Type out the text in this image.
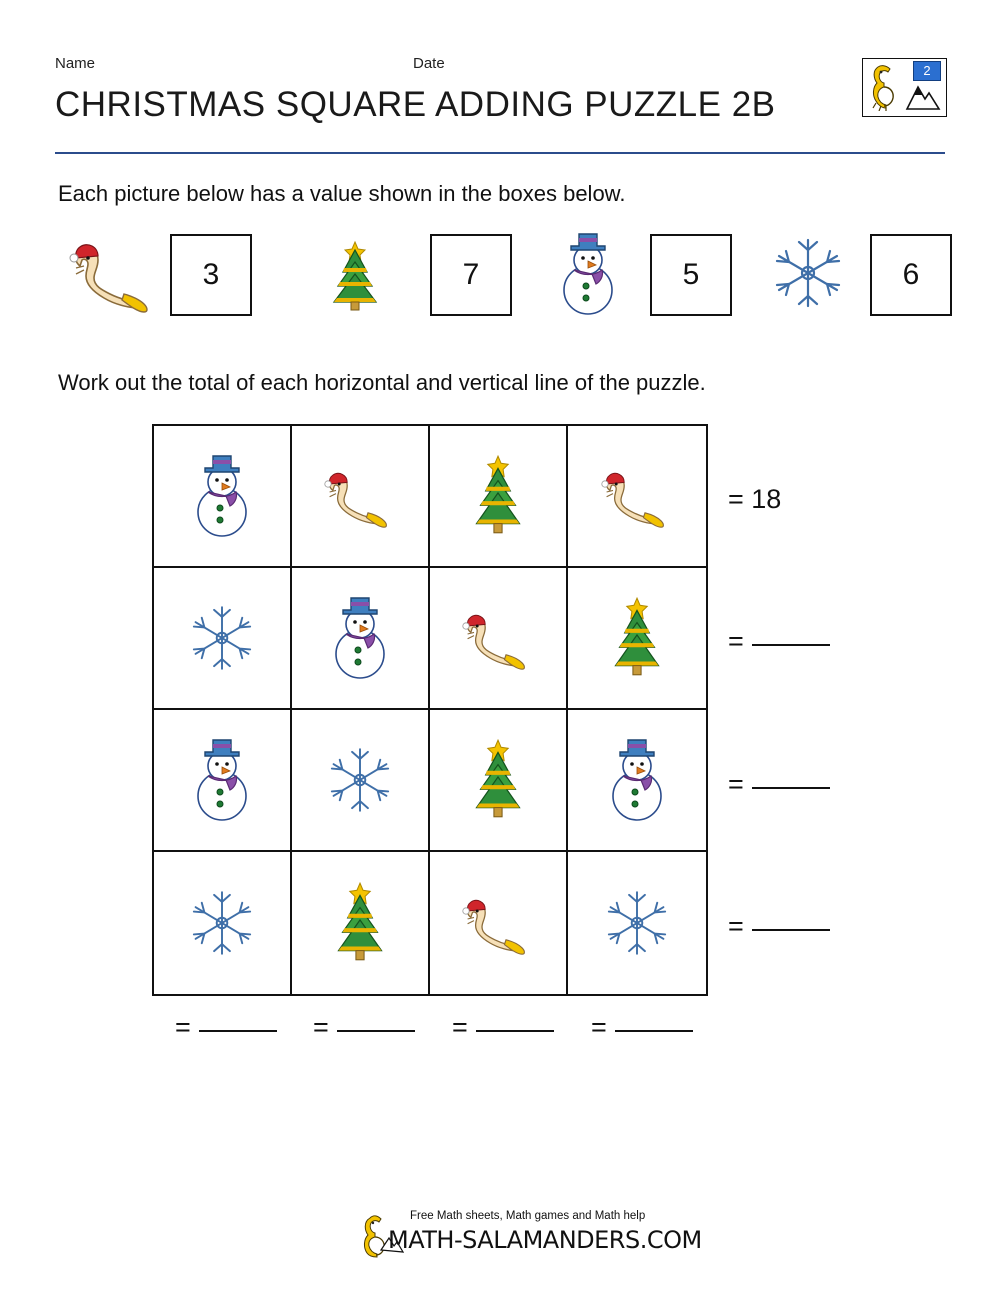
Name	Date
CHRISTMAS SQUARE ADDING PUZZLE 2B
2
Each picture below has a value shown in the boxes below.
3	7	5	6
Work out the total of each horizontal and vertical line of the puzzle.
= 18
=
=
=
=	=	=	=
Free Math sheets, Math games and Math help
MATH-SALAMANDERS.COM
